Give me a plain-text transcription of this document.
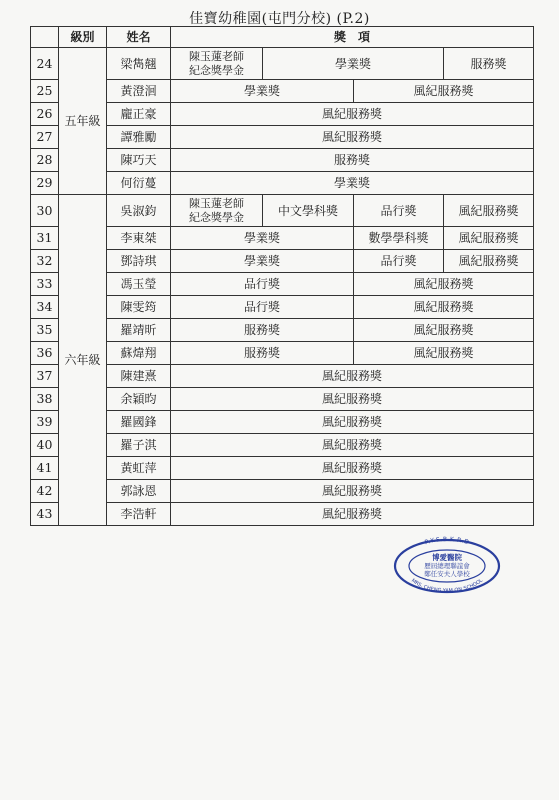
佳寶幼稚園(屯門分校) (P.2)
	級別	姓名	獎　項			
24	五年級	梁雋翹	陳玉蓮老師
紀念獎學金	學業獎		服務獎
25		黃澄洄	學業獎		風紀服務獎	
26		龐正豪	風紀服務獎			
27		譚雅勵	風紀服務獎			
28		陳巧天	服務獎			
29		何衍蔓	學業獎			
30	六年級	吳淑鈞	陳玉蓮老師
紀念獎學金	中文學科獎	品行獎	風紀服務獎
31		李東桀	學業獎		數學學科獎	風紀服務獎
32		鄧詩琪	學業獎		品行獎	風紀服務獎
33		馮玉瑩	品行獎		風紀服務獎	
34		陳雯筠	品行獎		風紀服務獎	
35		羅靖昕	服務獎		風紀服務獎	
36		蘇煒翔	服務獎		風紀服務獎	
37		陳建熹	風紀服務獎			
38		余穎昀	風紀服務獎			
39		羅國鋒	風紀服務獎			
40		羅子淇	風紀服務獎			
41		黃虹萍	風紀服務獎			
42		郭詠恩	風紀服務獎			
43		李浩軒	風紀服務獎			
P.Y.S.B.K.R.D
MRS. CHENG YAM ON SCHOOL
博愛醫院
歷屆總理聯誼會
鄭任安夫人學校
